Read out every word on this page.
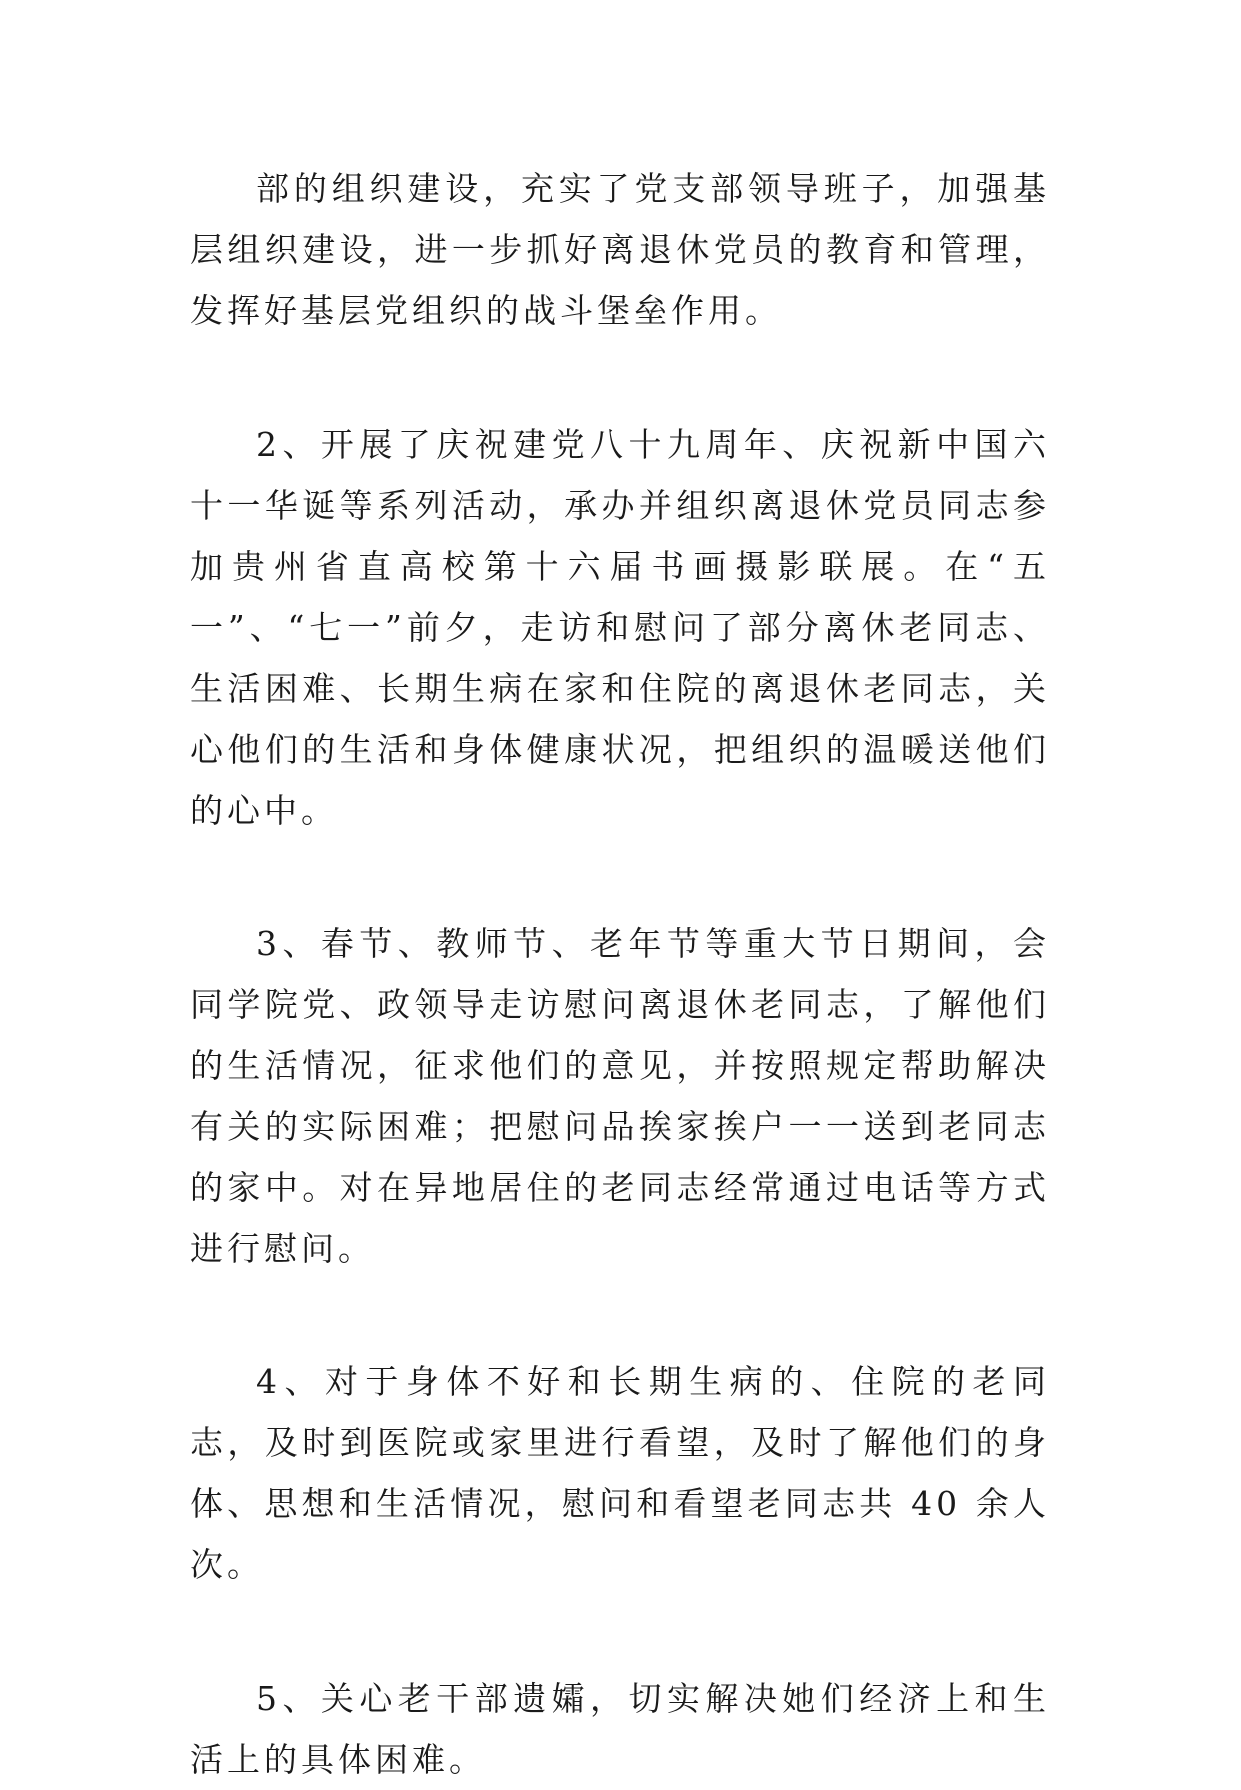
部的组织建设，充实了党支部领导班子，加强基层组织建设，进一步抓好离退休党员的教育和管理，发挥好基层党组织的战斗堡垒作用。

2、开展了庆祝建党八十九周年、庆祝新中国六十一华诞等系列活动，承办并组织离退休党员同志参加贵州省直高校第十六届书画摄影联展。在“五一”、“七一”前夕，走访和慰问了部分离休老同志、生活困难、长期生病在家和住院的离退休老同志，关心他们的生活和身体健康状况，把组织的温暖送他们的心中。

3、春节、教师节、老年节等重大节日期间，会同学院党、政领导走访慰问离退休老同志，了解他们的生活情况，征求他们的意见，并按照规定帮助解决有关的实际困难；把慰问品挨家挨户一一送到老同志的家中。对在异地居住的老同志经常通过电话等方式进行慰问。

4、对于身体不好和长期生病的、住院的老同志，及时到医院或家里进行看望，及时了解他们的身体、思想和生活情况，慰问和看望老同志共 40 余人次。

5、关心老干部遗孀，切实解决她们经济上和生活上的具体困难。
